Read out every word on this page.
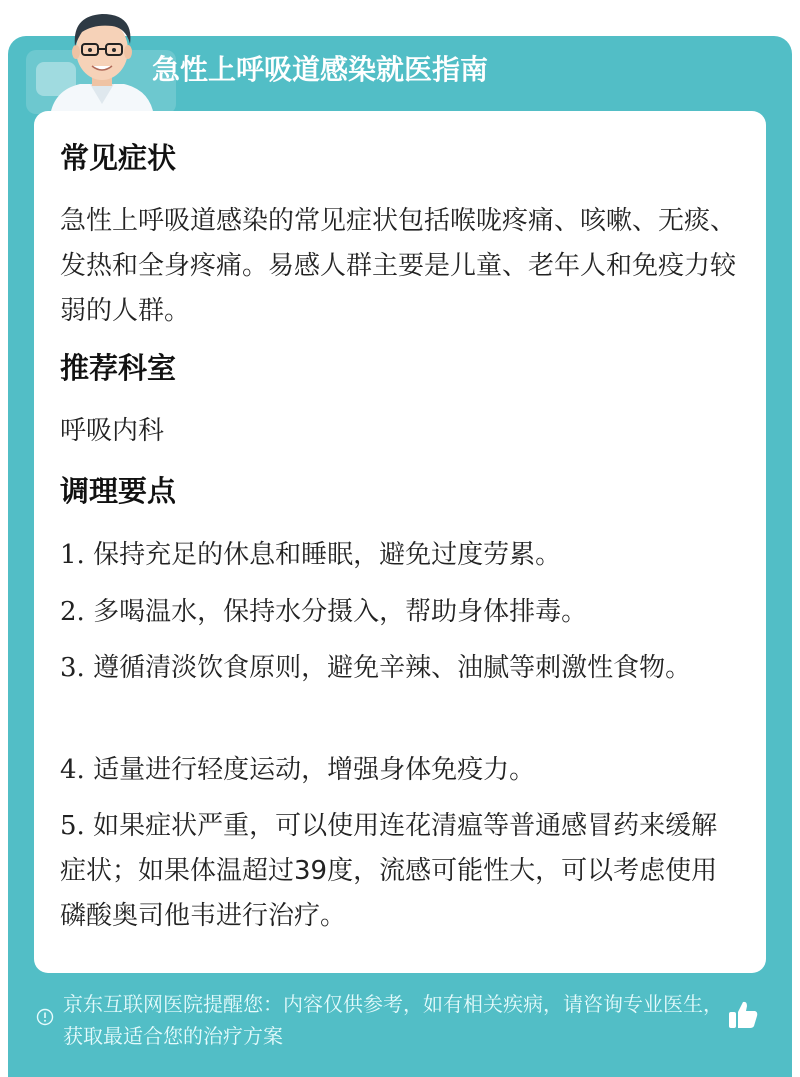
急性上呼吸道感染就医指南
常见症状
急性上呼吸道感染的常见症状包括喉咙疼痛、咳嗽、无痰、发热和全身疼痛。易感人群主要是儿童、老年人和免疫力较弱的人群。
推荐科室
呼吸内科
调理要点
1. 保持充足的休息和睡眠，避免过度劳累。
2. 多喝温水，保持水分摄入，帮助身体排毒。
3. 遵循清淡饮食原则，避免辛辣、油腻等刺激性食物。
4. 适量进行轻度运动，增强身体免疫力。
5. 如果症状严重，可以使用连花清瘟等普通感冒药来缓解症状；如果体温超过39度，流感可能性大，可以考虑使用磷酸奥司他韦进行治疗。
京东互联网医院提醒您：内容仅供参考，如有相关疾病，请咨询专业医生，获取最适合您的治疗方案
